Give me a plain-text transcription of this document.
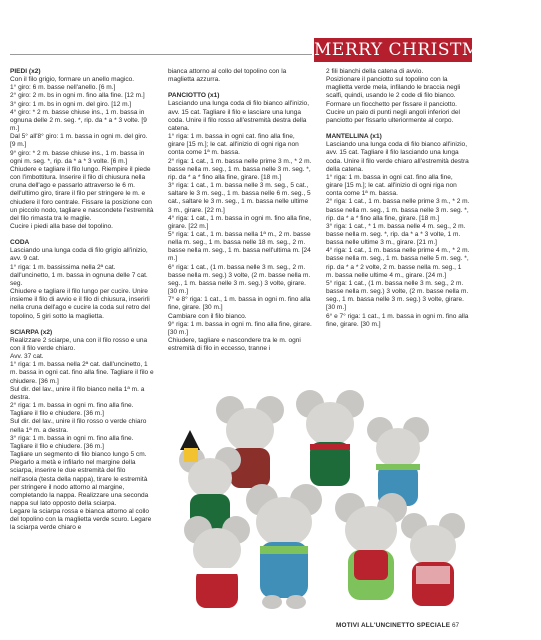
MERRY CHRISTMOUSE!

PIEDI (x2)

Con il filo grigio, formare un anello magico.

1° giro: 6 m. basse nell'anello. [6 m.]

2° giro: 2 m. bs in ogni m. fino alla fine. [12 m.]

3° giro: 1 m. bs in ogni m. del giro. [12 m.]

4° giro: * 2 m. basse chiuse ins., 1 m. bassa in ognuna delle 2 m. seg. *, rip. da * a * 3 volte. [9 m.]

Dal 5° all'8° giro: 1 m. bassa in ogni m. del giro. [9 m.]

9° giro: * 2 m. basse chiuse ins., 1 m. bassa in ogni m. seg. *, rip. da * a * 3 volte. [6 m.]

Chiudere e tagliare il filo lungo. Riempire il piede con l'imbottitura. Inserire il filo di chiusura nella cruna dell'ago e passarlo attraverso le 6 m. dell'ultimo giro, tirare il filo per stringere le m. e chiudere il foro centrale. Fissare la posizione con un piccolo nodo, tagliare e nascondete l'estremità del filo rimasta tra le maglie.

Cucire i piedi alla base del topolino.

CODA

Lasciando una lunga coda di filo grigio all'inizio, avv. 9 cat.

1° riga: 1 m. bassissima nella 2ª cat. dall'uncinetto, 1 m. bassa in ognuna delle 7 cat. seg.

Chiudere e tagliare il filo lungo per cucire. Unire insieme il filo di avvio e il filo di chiusura, inserirli nella cruna dell'ago e cucire la coda sul retro del topolino, 5 giri sotto la maglietta.

SCIARPA (x2)

Realizzare 2 sciarpe, una con il filo rosso e una con il filo verde chiaro.

Avv. 37 cat.

1° riga: 1 m. bassa nella 2ª cat. dall'uncinetto, 1 m. bassa in ogni cat. fino alla fine. Tagliare il filo e chiudere. [36 m.]

Sul dir. del lav., unire il filo bianco nella 1ª m. a destra.

2° riga: 1 m. bassa in ogni m. fino alla fine. Tagliare il filo e chiudere. [36 m.]

Sul dir. del lav., unire il filo rosso o verde chiaro nella 1ª m. a destra.

3° riga: 1 m. bassa in ogni m. fino alla fine. Tagliare il filo e chiudere. [36 m.]

Tagliare un segmento di filo bianco lungo 5 cm. Piegarlo a metà e infilarlo nel margine della sciarpa, inserire le due estremità del filo nell'asola (testa della nappa), tirare le estremità per stringere il nodo attorno al margine, completando la nappa. Realizzare una seconda nappa sul lato opposto della sciarpa.

Legare la sciarpa rossa e bianca attorno al collo del topolino con la maglietta verde scuro. Legare la sciarpa verde chiaro e

bianca attorno al collo del topolino con la maglietta azzurra.

PANCIOTTO (x1)

Lasciando una lunga coda di filo bianco all'inizio, avv. 15 cat. Tagliare il filo e lasciare una lunga coda. Unire il filo rosso all'estremità destra della catena.

1° riga: 1 m. bassa in ogni cat. fino alla fine, girare [15 m.]; le cat. all'inizio di ogni riga non conta come 1ª m. bassa.

2° riga: 1 cat., 1 m. bassa nelle prime 3 m., * 2 m. basse nella m. seg., 1 m. bassa nelle 3 m. seg. *, rip. da * a * fino alla fine, girare. [18 m.]

3° riga: 1 cat., 1 m. bassa nelle 3 m. seg., 5 cat., saltare le 3 m. seg., 1 m. bassa nelle 6 m. seg., 5 cat., saltare le 3 m. seg., 1 m. bassa nelle ultime 3 m., girare. [22 m.]

4° riga: 1 cat., 1 m. bassa in ogni m. fino alla fine, girare. [22 m.]

5° riga: 1 cat., 1 m. bassa nella 1ª m., 2 m. basse nella m. seg., 1 m. bassa nelle 18 m. seg., 2 m. basse nella m. seg., 1 m. bassa nell'ultima m. [24 m.]

6° riga: 1 cat., (1 m. bassa nelle 3 m. seg., 2 m. basse nella m. seg.) 3 volte, (2 m. basse nella m. seg., 1 m. bassa nelle 3 m. seg.) 3 volte, girare. [30 m.]

7° e 8° riga: 1 cat., 1 m. bassa in ogni m. fino alla fine, girare. [30 m.]

Cambiare con il filo bianco.

9° riga: 1 m. bassa in ogni m. fino alla fine, girare. [30 m.]

Chiudere, tagliare e nascondere tra le m. ogni estremità di filo in eccesso, tranne i

2 fili bianchi della catena di avvio.

Posizionare il panciotto sul topolino con la maglietta verde mela, infilando le braccia negli scalfi, quindi, usando le 2 code di filo bianco. Formare un fiocchetto per fissare il panciotto. Cucire un paio di punti negli angoli inferiori del panciotto per fissarlo ulteriormente al corpo.

MANTELLINA (x1)

Lasciando una lunga coda di filo bianco all'inizio, avv. 15 cat. Tagliare il filo lasciando una lunga coda. Unire il filo verde chiaro all'estremità destra della catena.

1° riga: 1 m. bassa in ogni cat. fino alla fine, girare [15 m.]; le cat. all'inizio di ogni riga non conta come 1ª m. bassa.

2° riga: 1 cat., 1 m. bassa nelle prime 3 m., * 2 m. basse nella m. seg., 1 m. bassa nelle 3 m. seg. *, rip. da * a * fino alla fine, girare. [18 m.]

3° riga: 1 cat., * 1 m. bassa nelle 4 m. seg., 2 m. basse nella m. seg. *, rip. da * a * 3 volte, 1 m. bassa nelle ultime 3 m., girare. [21 m.]

4° riga: 1 cat., 1 m. bassa nelle prime 4 m., * 2 m. basse nella m. seg., 1 m. bassa nelle 5 m. seg. *, rip. da * a * 2 volte, 2 m. basse nella m. seg., 1 m. bassa nelle ultime 4 m., girare. [24 m.]

5° riga: 1 cat., (1 m. bassa nelle 3 m. seg., 2 m. basse nella m. seg.) 3 volte, (2 m. basse nella m. seg., 1 m. bassa nelle 3 m. seg.) 3 volte, girare. [30 m.]

6° e 7° riga: 1 cat., 1 m. bassa in ogni m. fino alla fine, girare. [30 m.]

MOTIVI ALL'UNCINETTO SPECIALE 67
